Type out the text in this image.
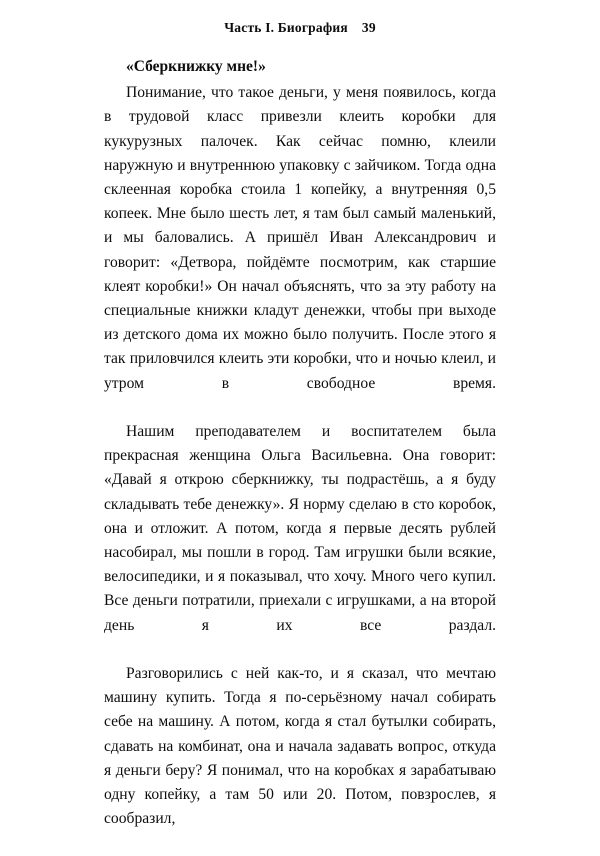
Часть I. Биография 39

«Сберкнижку мне!»

Понимание, что такое деньги, у меня появилось, когда в трудовой класс привезли клеить коробки для кукурузных палочек. Как сейчас помню, клеили наружную и внутреннюю упаковку с зайчиком. Тогда одна склеенная коробка стоила 1 копейку, а внутренняя 0,5 копеек. Мне было шесть лет, я там был самый маленький, и мы баловались. А пришёл Иван Александрович и говорит: «Детвора, пойдёмте посмотрим, как старшие клеят коробки!» Он начал объяснять, что за эту работу на специальные книжки кладут денежки, чтобы при выходе из детского дома их можно было получить. После этого я так приловчился клеить эти коробки, что и ночью клеил, и утром в свободное время.

Нашим преподавателем и воспитателем была прекрасная женщина Ольга Васильевна. Она говорит: «Давай я открою сберкнижку, ты подрастёшь, а я буду складывать тебе денежку». Я норму сделаю в сто коробок, она и отложит. А потом, когда я первые десять рублей насобирал, мы пошли в город. Там игрушки были всякие, велосипедики, и я показывал, что хочу. Много чего купил. Все деньги потратили, приехали с игрушками, а на второй день я их все раздал.

Разговорились с ней как-то, и я сказал, что мечтаю машину купить. Тогда я по-серьёзному начал собирать себе на машину. А потом, когда я стал бутылки собирать, сдавать на комбинат, она и начала задавать вопрос, откуда я деньги беру? Я понимал, что на коробках я зарабатываю одну копейку, а там 50 или 20. Потом, повзрослев, я сообразил,
